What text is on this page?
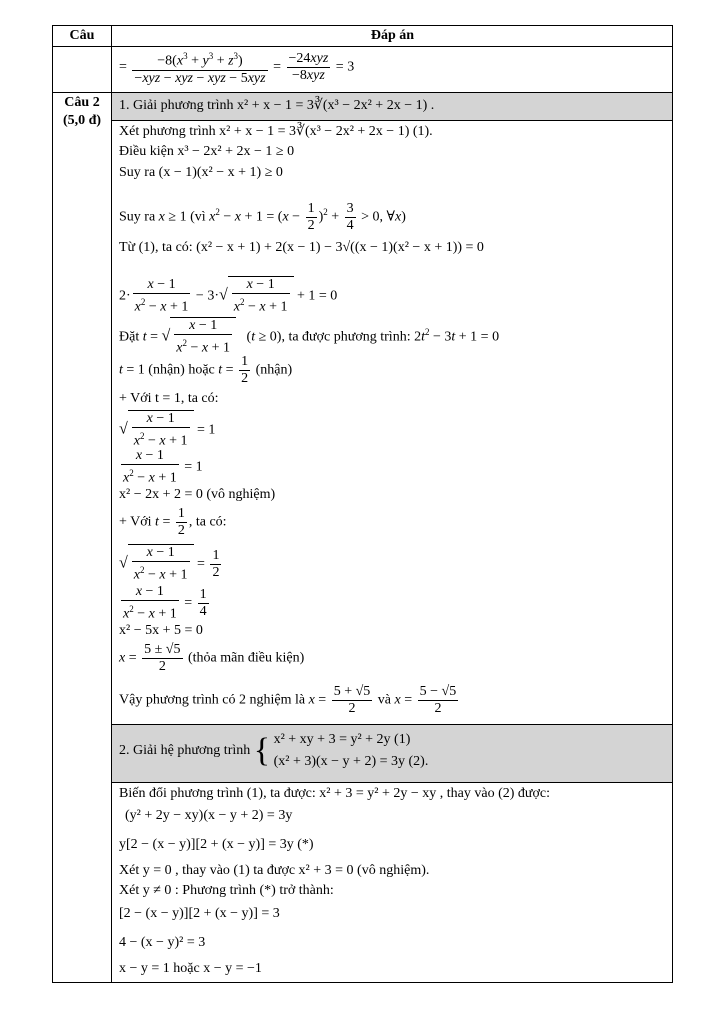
Câu	Đáp án
= $\frac{-8(x^3 + y^3 + z^3)}{\text{−xyz − xyz − xyz − 5xyz}} = \frac{\text{−24xyz}}{\text{−8xyz}} = 3$
Câu 2
(5,0 đ)
1. Giải phương trình x² + x − 1 = 3∛(x³ − 2x² + 2x − 1) .
Xét phương trình x² + x − 1 = 3∛(x³ − 2x² + 2x − 1) (1).
Điều kiện x³ − 2x² + 2x − 1 ≥ 0
Suy ra (x − 1)(x² − x + 1) ≥ 0
Suy ra x ≥ 1 (vì $x^2 - x + 1 = (x - \frac{1}{2} )^2 + \frac{3}{4} > 0$, ∀x)
Từ (1), ta có: (x² − x + 1) + 2(x − 1) − 3√((x − 1)(x² − x + 1)) = 0
$2\cdot \frac{x - 1}{x^2 - x + 1} - 3\cdot√ \frac{x - 1}{x^2 - x + 1} + 1 = 0$
Đặt t = √ $\frac{x - 1}{x^2 - x + 1} (t \ge 0)$, ta được phương trình: $2t^2 - 3t + 1 = 0$
t = 1 (nhận) hoặc $t = \frac{1}{2}$ (nhận)
+ Với t = 1, ta có:
√ $\frac{x - 1}{x^2 - x + 1} = 1$
$\frac{x - 1}{x^2 - x + 1} = 1$
x² − 2x + 2 = 0 (vô nghiệm)
+ Với $t = \frac{1}{2}$ , ta có:
√ $\frac{x - 1}{x^2 - x + 1} = \frac{1}{2}$
$\frac{x - 1}{x^2 - x + 1} = \frac{1}{4}$
x² − 5x + 5 = 0
$x = \frac{5 \pm √5}{2}$ (thỏa mãn điều kiện)
Vậy phương trình có 2 nghiệm là $x = \frac{5 + √5}{2}$ và $x = \frac{5 - √5}{2}$
2. Giải hệ phương trình { x² + xy + 3 = y² + 2y (1)
(x² + 3)(x − y + 2) = 3y (2).
Biến đổi phương trình (1), ta được: x² + 3 = y² + 2y − xy , thay vào (2) được:
(y² + 2y − xy)(x − y + 2) = 3y
y[2 − (x − y)][2 + (x − y)] = 3y (*)
Xét y = 0 , thay vào (1) ta được x² + 3 = 0 (vô nghiệm).
Xét y ≠ 0 : Phương trình (*) trở thành:
[2 − (x − y)][2 + (x − y)] = 3
4 − (x − y)² = 3
x − y = 1 hoặc x − y = −1
